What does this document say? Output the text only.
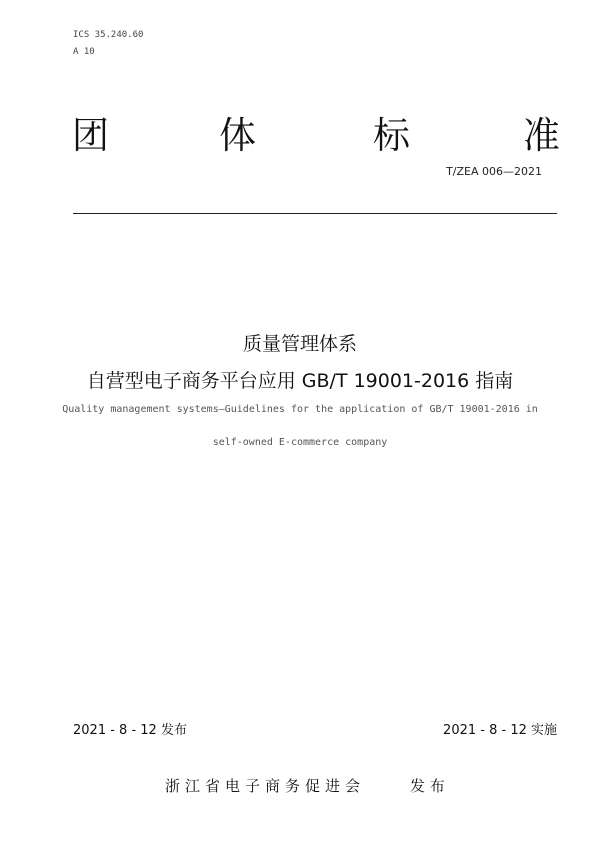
ICS 35.240.60
A 10
团	体	标	准
T/ZEA 006—2021
质量管理体系
自营型电子商务平台应用 GB/T 19001-2016 指南
Quality management systems—Guidelines for the application of GB/T 19001-2016 in
self-owned E-commerce company
2021 - 8 - 12 发布	2021 - 8 - 12 实施
浙江省电子商务促进会	发 布
